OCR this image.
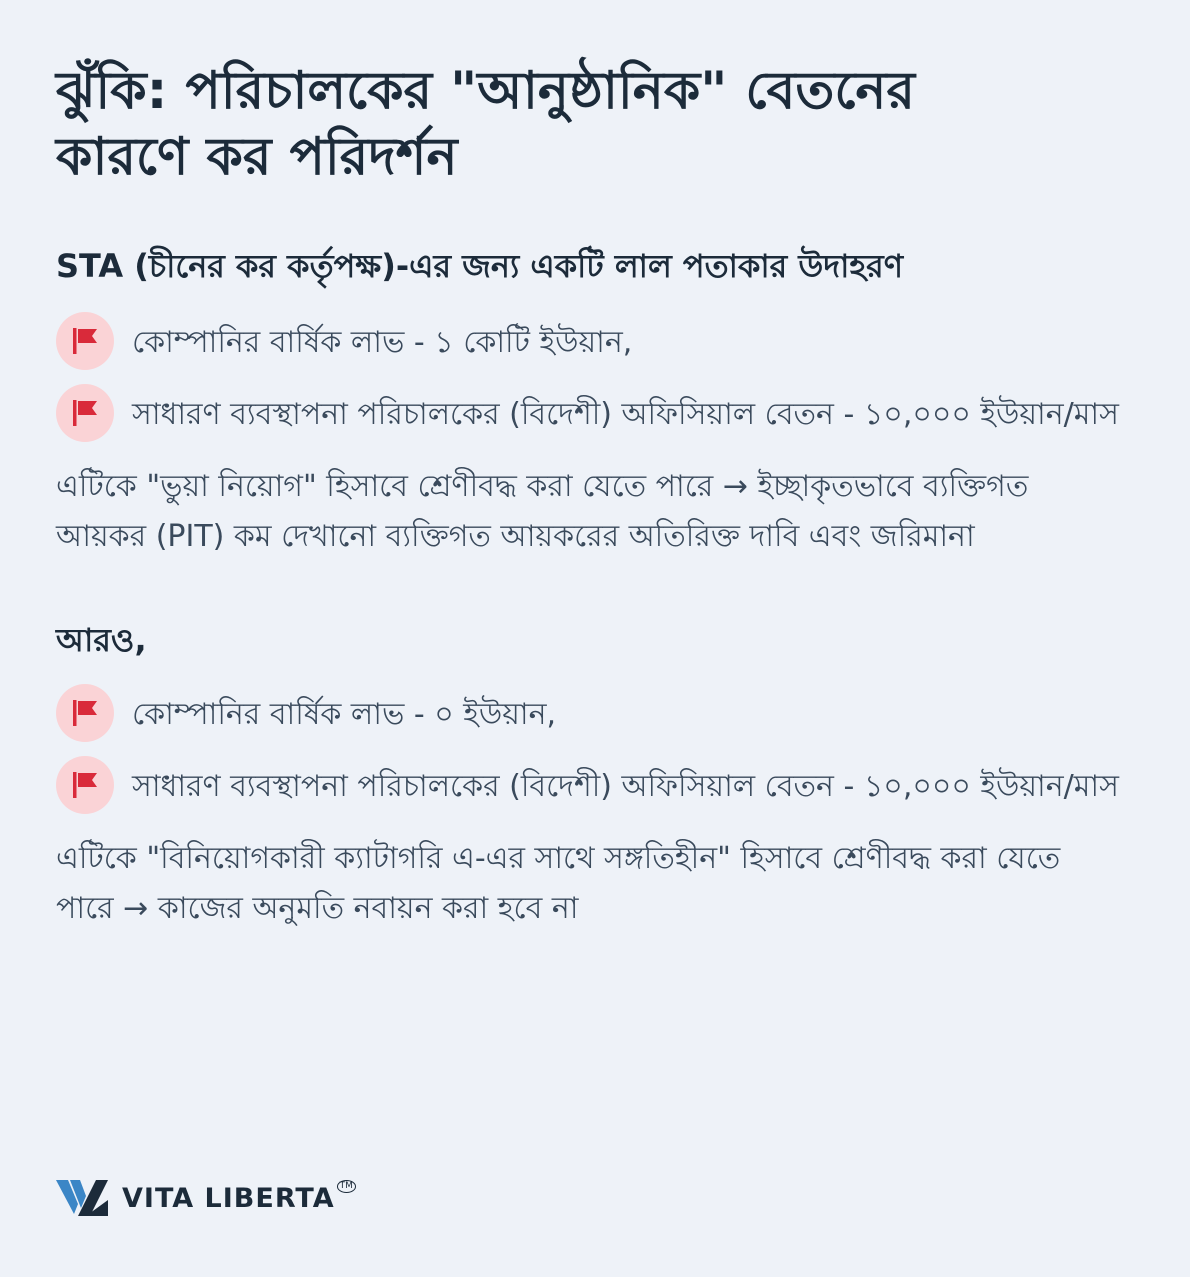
ঝুঁকি: পরিচালকের "আনুষ্ঠানিক" বেতনের কারণে কর পরিদর্শন
STA (চীনের কর কর্তৃপক্ষ)-এর জন্য একটি লাল পতাকার উদাহরণ
কোম্পানির বার্ষিক লাভ - ১ কোটি ইউয়ান,
সাধারণ ব্যবস্থাপনা পরিচালকের (বিদেশী) অফিসিয়াল বেতন - ১০,০০০ ইউয়ান/মাস

এটিকে "ভুয়া নিয়োগ" হিসাবে শ্রেণীবদ্ধ করা যেতে পারে → ইচ্ছাকৃতভাবে ব্যক্তিগত আয়কর (PIT) কম দেখানো ব্যক্তিগত আয়করের অতিরিক্ত দাবি এবং জরিমানা

আরও,
কোম্পানির বার্ষিক লাভ - ০ ইউয়ান,
সাধারণ ব্যবস্থাপনা পরিচালকের (বিদেশী) অফিসিয়াল বেতন - ১০,০০০ ইউয়ান/মাস

এটিকে "বিনিয়োগকারী ক্যাটাগরি এ-এর সাথে সঙ্গতিহীন" হিসাবে শ্রেণীবদ্ধ করা যেতে পারে → কাজের অনুমতি নবায়ন করা হবে না

VITA LIBERTA TM
